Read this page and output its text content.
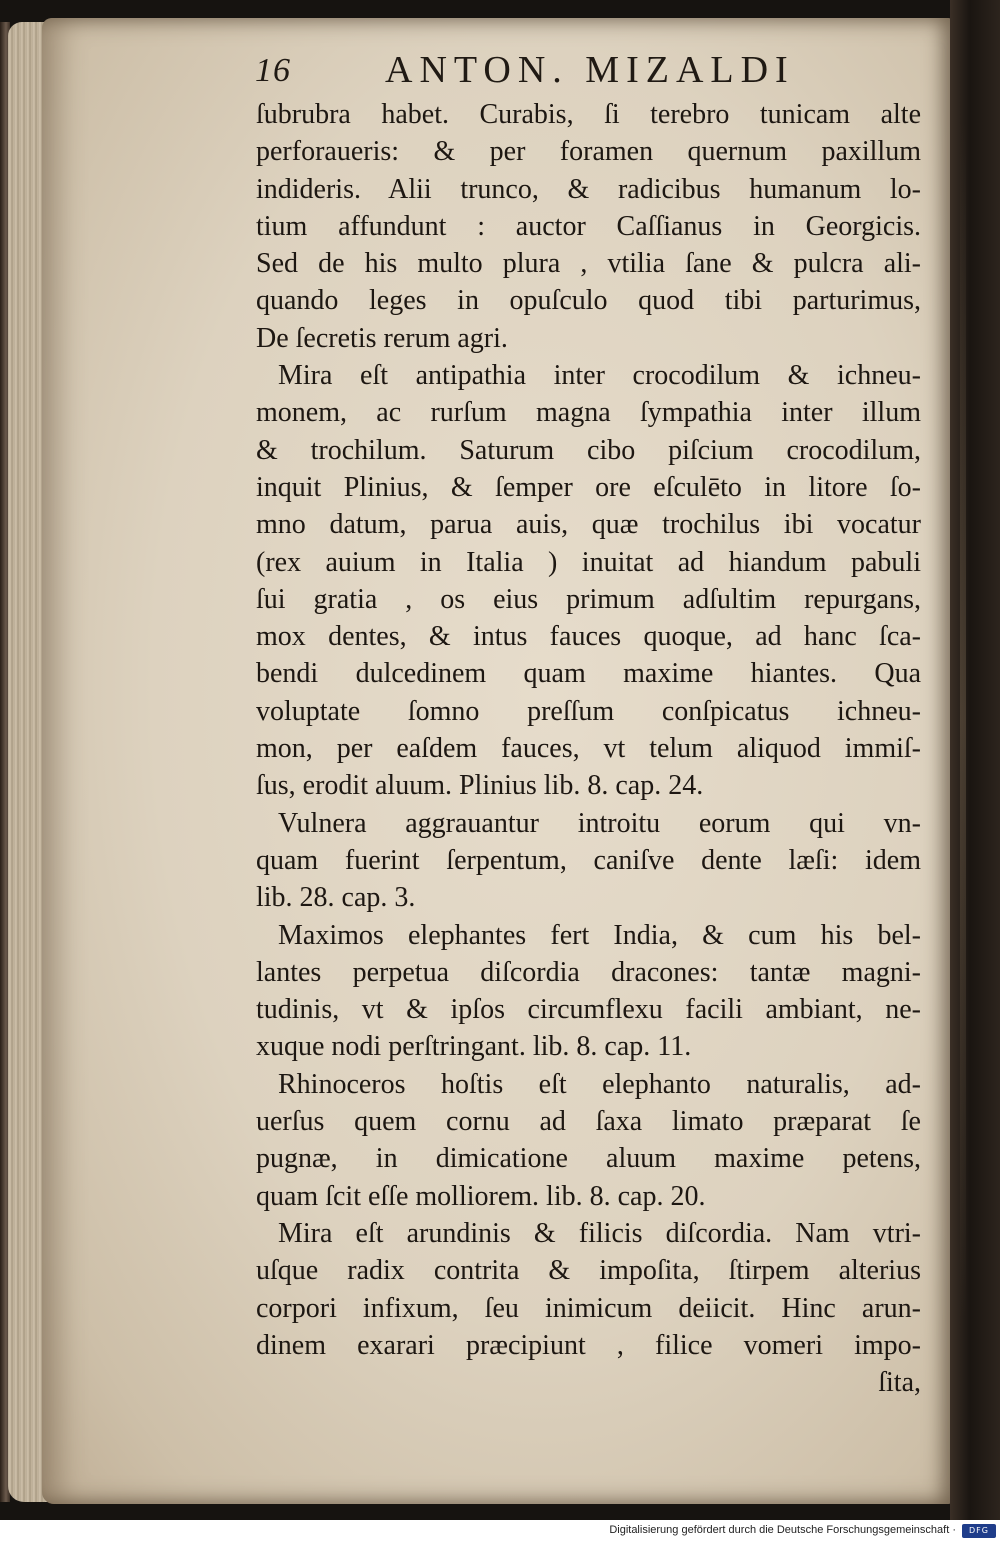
16 ANTON. MIZALDI
ſubrubra habet. Curabis, ſi terebro tunicam alte
perforaueris: & per foramen quernum paxillum
indideris. Alii trunco, & radicibus humanum lo-
tium affundunt : auctor Caſſianus in Georgicis.
Sed de his multo plura , vtilia ſane & pulcra ali-
quando leges in opuſculo quod tibi parturimus,
De ſecretis rerum agri.
Mira eſt antipathia inter crocodilum & ichneu-
monem, ac rurſum magna ſympathia inter illum
& trochilum. Saturum cibo piſcium crocodilum,
inquit Plinius, & ſemper ore eſculēto in litore ſo-
mno datum, parua auis, quæ trochilus ibi vocatur
(rex auium in Italia ) inuitat ad hiandum pabuli
ſui gratia , os eius primum adſultim repurgans,
mox dentes, & intus fauces quoque, ad hanc ſca-
bendi dulcedinem quam maxime hiantes. Qua
voluptate ſomno preſſum conſpicatus ichneu-
mon, per eaſdem fauces, vt telum aliquod immiſ-
ſus, erodit aluum. Plinius lib. 8. cap. 24.
Vulnera aggrauantur introitu eorum qui vn-
quam fuerint ſerpentum, caniſve dente læſi: idem
lib. 28. cap. 3.
Maximos elephantes fert India, & cum his bel-
lantes perpetua diſcordia dracones: tantæ magni-
tudinis, vt & ipſos circumflexu facili ambiant, ne-
xuque nodi perſtringant. lib. 8. cap. 11.
Rhinoceros hoſtis eſt elephanto naturalis, ad-
uerſus quem cornu ad ſaxa limato præparat ſe
pugnæ, in dimicatione aluum maxime petens,
quam ſcit eſſe molliorem. lib. 8. cap. 20.
Mira eſt arundinis & filicis diſcordia. Nam vtri-
uſque radix contrita & impoſita, ſtirpem alterius
corpori infixum, ſeu inimicum deiicit. Hinc arun-
dinem exarari præcipiunt , filice vomeri impo-
ſita,
Digitalisierung gefördert durch die Deutsche Forschungsgemeinschaft ·	DFG
